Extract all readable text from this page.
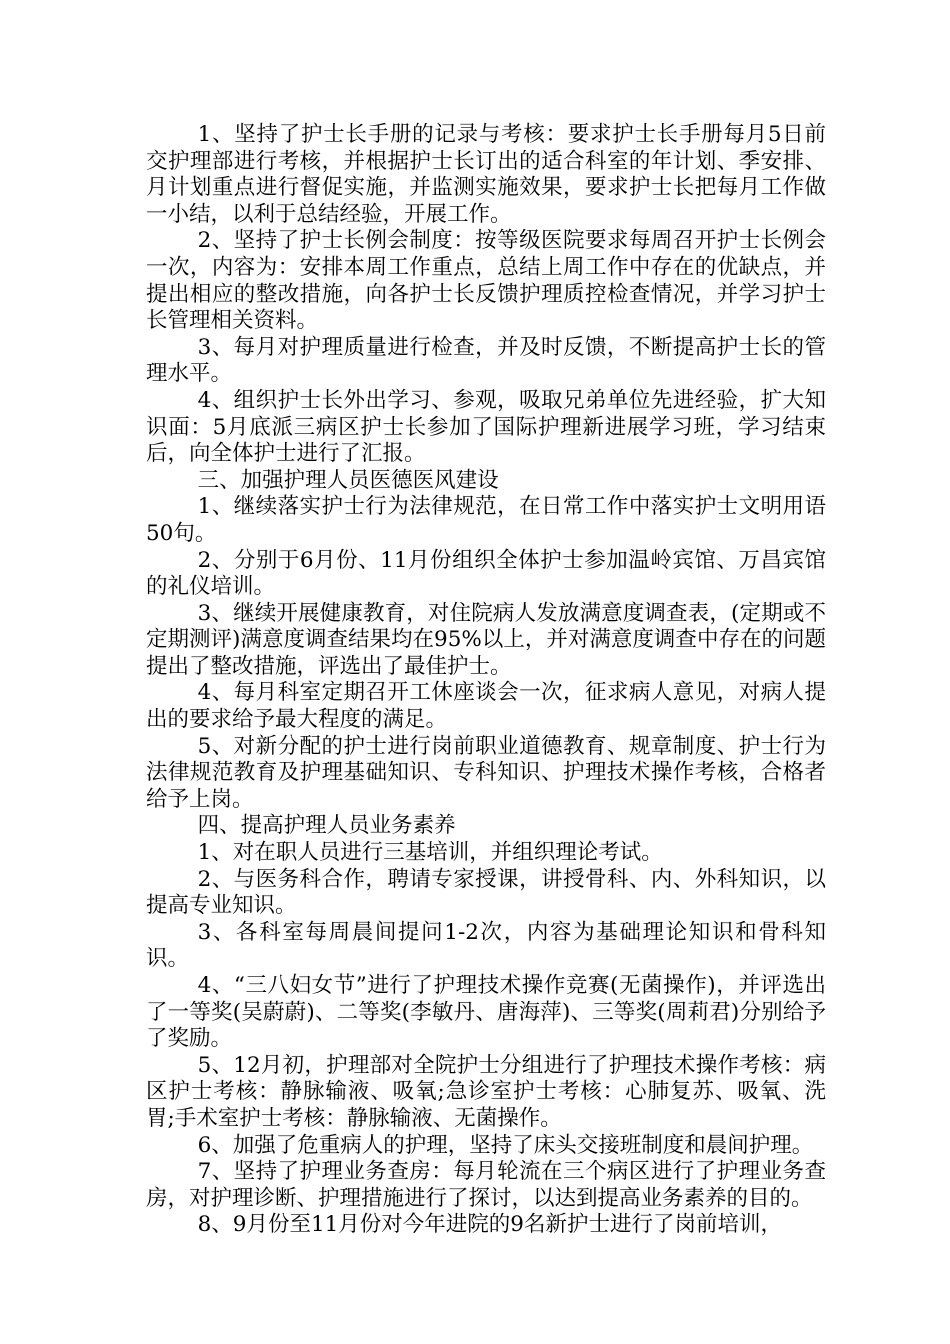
1、坚持了护士长手册的记录与考核：要求护士长手册每月5日前交护理部进行考核，并根据护士长订出的适合科室的年计划、季安排、月计划重点进行督促实施，并监测实施效果，要求护士长把每月工作做一小结，以利于总结经验，开展工作。

2、坚持了护士长例会制度：按等级医院要求每周召开护士长例会一次，内容为：安排本周工作重点，总结上周工作中存在的优缺点，并提出相应的整改措施，向各护士长反馈护理质控检查情况，并学习护士长管理相关资料。

3、每月对护理质量进行检查，并及时反馈，不断提高护士长的管理水平。

4、组织护士长外出学习、参观，吸取兄弟单位先进经验，扩大知识面：5月底派三病区护士长参加了国际护理新进展学习班，学习结束后，向全体护士进行了汇报。

三、加强护理人员医德医风建设

1、继续落实护士行为法律规范，在日常工作中落实护士文明用语50句。

2、分别于6月份、11月份组织全体护士参加温岭宾馆、万昌宾馆的礼仪培训。

3、继续开展健康教育，对住院病人发放满意度调查表，(定期或不定期测评)满意度调查结果均在95%以上，并对满意度调查中存在的问题提出了整改措施，评选出了最佳护士。

4、每月科室定期召开工休座谈会一次，征求病人意见，对病人提出的要求给予最大程度的满足。

5、对新分配的护士进行岗前职业道德教育、规章制度、护士行为法律规范教育及护理基础知识、专科知识、护理技术操作考核，合格者给予上岗。

四、提高护理人员业务素养

1、对在职人员进行三基培训，并组织理论考试。

2、与医务科合作，聘请专家授课，讲授骨科、内、外科知识，以提高专业知识。

3、各科室每周晨间提问1-2次，内容为基础理论知识和骨科知识。

4、“三八妇女节”进行了护理技术操作竞赛(无菌操作)，并评选出了一等奖(吴蔚蔚)、二等奖(李敏丹、唐海萍)、三等奖(周莉君)分别给予了奖励。

5、12月初，护理部对全院护士分组进行了护理技术操作考核：病区护士考核：静脉输液、吸氧;急诊室护士考核：心肺复苏、吸氧、洗胃;手术室护士考核：静脉输液、无菌操作。

6、加强了危重病人的护理，坚持了床头交接班制度和晨间护理。

7、坚持了护理业务查房：每月轮流在三个病区进行了护理业务查房，对护理诊断、护理措施进行了探讨，以达到提高业务素养的目的。

8、9月份至11月份对今年进院的9名新护士进行了岗前培训，
